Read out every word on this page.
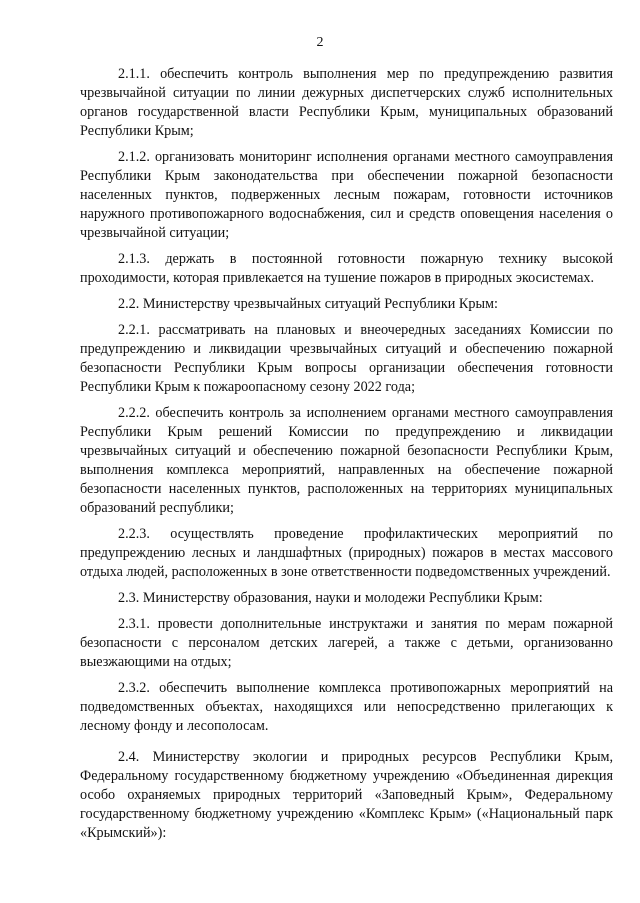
2

2.1.1. обеспечить контроль выполнения мер по предупреждению развития чрезвычайной ситуации по линии дежурных диспетчерских служб исполнительных органов государственной власти Республики Крым, муниципальных образований Республики Крым;

2.1.2. организовать мониторинг исполнения органами местного самоуправления Республики Крым законодательства при обеспечении пожарной безопасности населенных пунктов, подверженных лесным пожарам, готовности источников наружного противопожарного водоснабжения, сил и средств оповещения населения о чрезвычайной ситуации;

2.1.3. держать в постоянной готовности пожарную технику высокой проходимости, которая привлекается на тушение пожаров в природных экосистемах.

2.2. Министерству чрезвычайных ситуаций Республики Крым:

2.2.1. рассматривать на плановых и внеочередных заседаниях Комиссии по предупреждению и ликвидации чрезвычайных ситуаций и обеспечению пожарной безопасности Республики Крым вопросы организации обеспечения готовности Республики Крым к пожароопасному сезону 2022 года;

2.2.2. обеспечить контроль за исполнением органами местного самоуправления Республики Крым решений Комиссии по предупреждению и ликвидации чрезвычайных ситуаций и обеспечению пожарной безопасности Республики Крым, выполнения комплекса мероприятий, направленных на обеспечение пожарной безопасности населенных пунктов, расположенных на территориях муниципальных образований республики;

2.2.3. осуществлять проведение профилактических мероприятий по предупреждению лесных и ландшафтных (природных) пожаров в местах массового отдыха людей, расположенных в зоне ответственности подведомственных учреждений.

2.3. Министерству образования, науки и молодежи Республики Крым:

2.3.1. провести дополнительные инструктажи и занятия по мерам пожарной безопасности с персоналом детских лагерей, а также с детьми, организованно выезжающими на отдых;

2.3.2. обеспечить выполнение комплекса противопожарных мероприятий на подведомственных объектах, находящихся или непосредственно прилегающих к лесному фонду и лесополосам.

2.4. Министерству экологии и природных ресурсов Республики Крым, Федеральному государственному бюджетному учреждению «Объединенная дирекция особо охраняемых природных территорий «Заповедный Крым», Федеральному государственному бюджетному учреждению «Комплекс Крым» («Национальный парк «Крымский»):
